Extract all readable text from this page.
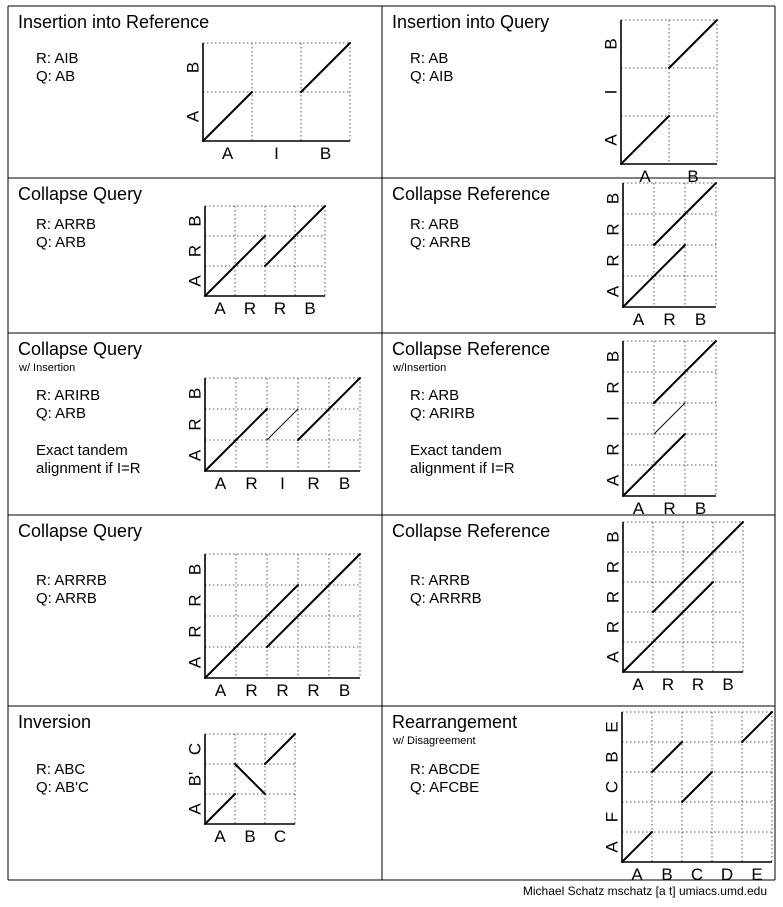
Insertion into Reference
R: AIB
Q: AB
A I B
A
B
Insertion into Query
R: AB
Q: AIB
A B
A
I
B
Collapse Query
R: ARRB
Q: ARB
A R R B
A
R
B
Collapse Reference
R: ARB
Q: ARRB
A R B
A
R
R
B
Collapse Query
w/ Insertion
R: ARIRB
Q: ARB
Exact tandem
alignment if I=R
A R I R B
A
R
B
Collapse Reference
w/Insertion
R: ARB
Q: ARIRB
Exact tandem
alignment if I=R
A R B
A
R
I
R
B
Collapse Query
R: ARRRB
Q: ARRB
A R R R B
A
R
R
B
Collapse Reference
R: ARRB
Q: ARRRB
A R R B
A
R
R
R
B
Inversion
R: ABC
Q: AB'C
A B C
A
B'
C
Rearrangement
w/ Disagreement
R: ABCDE
Q: AFCBE
A B C D E
A
F
C
B
E
Michael Schatz mschatz [a t] umiacs.umd.edu
